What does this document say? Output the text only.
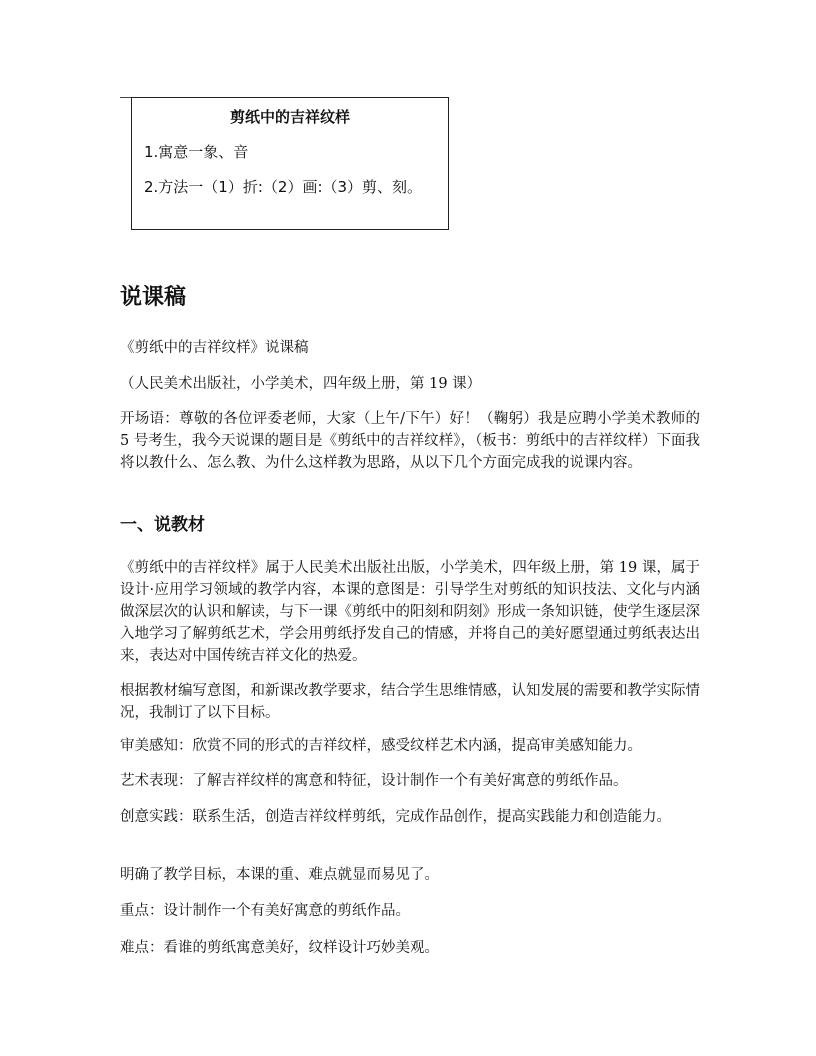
剪纸中的吉祥纹样
1.寓意一象、音
2.方法一（1）折:（2）画:（3）剪、刻。
说课稿

《剪纸中的吉祥纹样》说课稿

（人民美术出版社，小学美术，四年级上册，第 19 课）

开场语：尊敬的各位评委老师，大家（上午/下午）好！（鞠躬）我是应聘小学美术教师的 5 号考生，我今天说课的题目是《剪纸中的吉祥纹样》，（板书：剪纸中的吉祥纹样）下面我将以教什么、怎么教、为什么这样教为思路，从以下几个方面完成我的说课内容。

一、说教材

《剪纸中的吉祥纹样》属于人民美术出版社出版，小学美术，四年级上册，第 19 课，属于设计·应用学习领域的教学内容，本课的意图是：引导学生对剪纸的知识技法、文化与内涵做深层次的认识和解读，与下一课《剪纸中的阳刻和阴刻》形成一条知识链，使学生逐层深入地学习了解剪纸艺术，学会用剪纸抒发自己的情感，并将自己的美好愿望通过剪纸表达出来，表达对中国传统吉祥文化的热爱。

根据教材编写意图，和新课改教学要求，结合学生思维情感，认知发展的需要和教学实际情况，我制订了以下目标。

审美感知：欣赏不同的形式的吉祥纹样，感受纹样艺术内涵，提高审美感知能力。

艺术表现：了解吉祥纹样的寓意和特征，设计制作一个有美好寓意的剪纸作品。

创意实践：联系生活，创造吉祥纹样剪纸，完成作品创作，提高实践能力和创造能力。

明确了教学目标，本课的重、难点就显而易见了。

重点：设计制作一个有美好寓意的剪纸作品。

难点：看谁的剪纸寓意美好，纹样设计巧妙美观。
